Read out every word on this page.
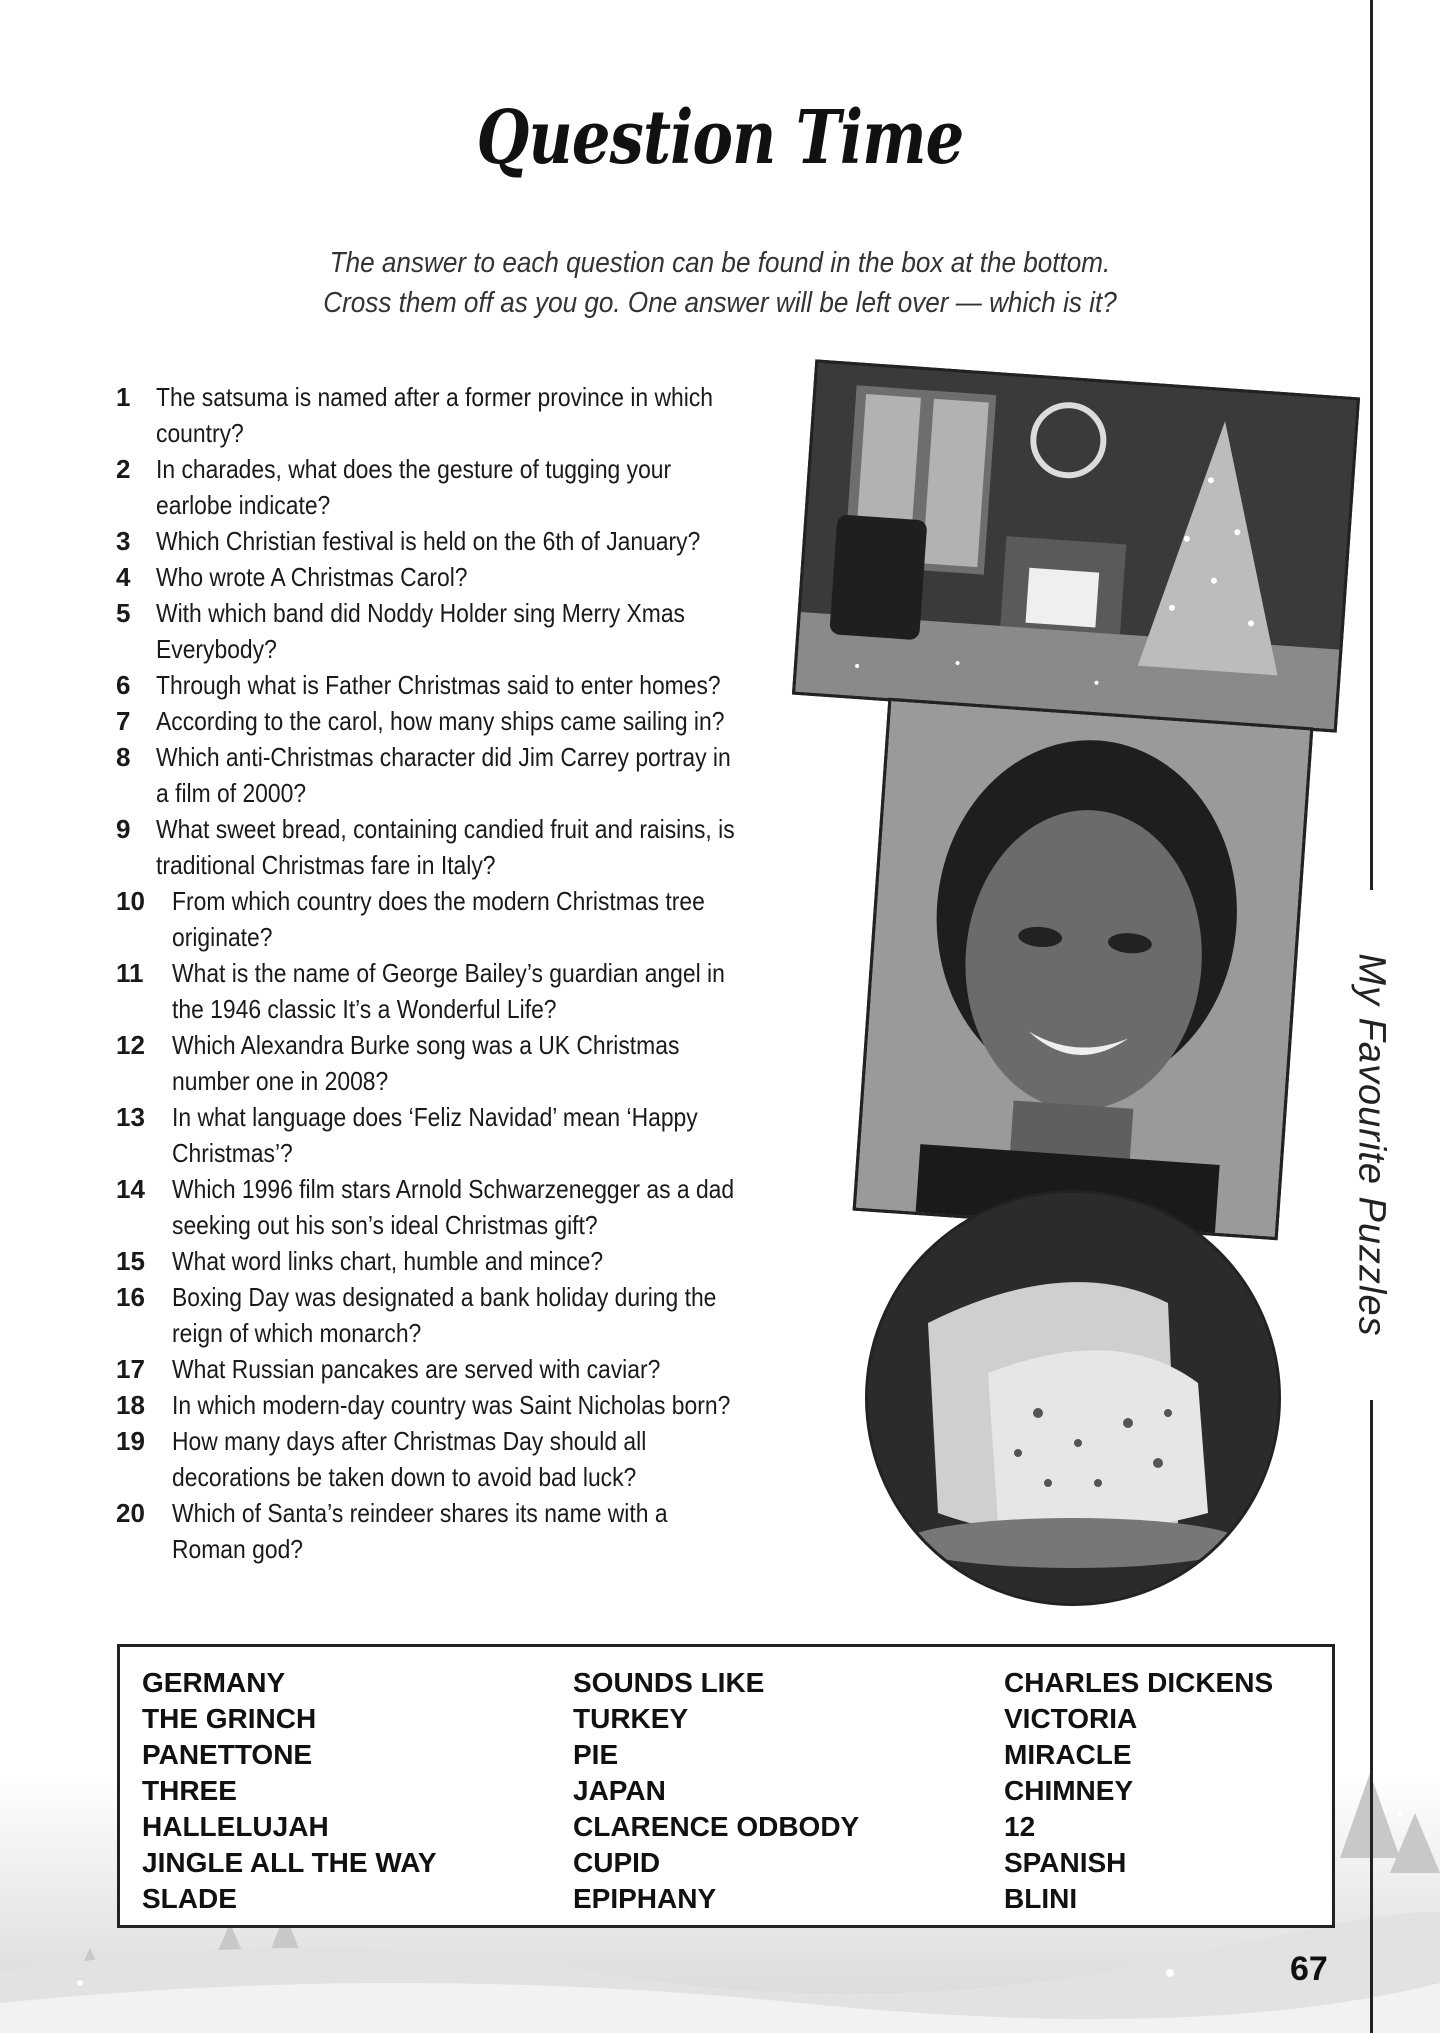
My Favourite Puzzles
Question Time
The answer to each question can be found in the box at the bottom.
Cross them off as you go. One answer will be left over — which is it?
1 The satsuma is named after a former province in which country?
2 In charades, what does the gesture of tugging your earlobe indicate?
3 Which Christian festival is held on the 6th of January?
4 Who wrote A Christmas Carol?
5 With which band did Noddy Holder sing Merry Xmas Everybody?
6 Through what is Father Christmas said to enter homes?
7 According to the carol, how many ships came sailing in?
8 Which anti-Christmas character did Jim Carrey portray in a film of 2000?
9 What sweet bread, containing candied fruit and raisins, is traditional Christmas fare in Italy?
10	From which country does the modern Christmas tree originate?
11	What is the name of George Bailey’s guardian angel in the 1946 classic It’s a Wonderful Life?
12	Which Alexandra Burke song was a UK Christmas number one in 2008?
13	In what language does ‘Feliz Navidad’ mean ‘Happy Christmas’?
14	Which 1996 film stars Arnold Schwarzenegger as a dad seeking out his son’s ideal Christmas gift?
15	What word links chart, humble and mince?
16	Boxing Day was designated a bank holiday during the reign of which monarch?
17	What Russian pancakes are served with caviar?
18	In which modern-day country was Saint Nicholas born?
19	How many days after Christmas Day should all decorations be taken down to avoid bad luck?
20	Which of Santa’s reindeer shares its name with a Roman god?
GERMANY
THE GRINCH
PANETTONE
THREE
HALLELUJAH
JINGLE ALL THE WAY
SLADE
SOUNDS LIKE
TURKEY
PIE
JAPAN
CLARENCE ODBODY
CUPID
EPIPHANY
CHARLES DICKENS
VICTORIA
MIRACLE
CHIMNEY
12
SPANISH
BLINI
67
